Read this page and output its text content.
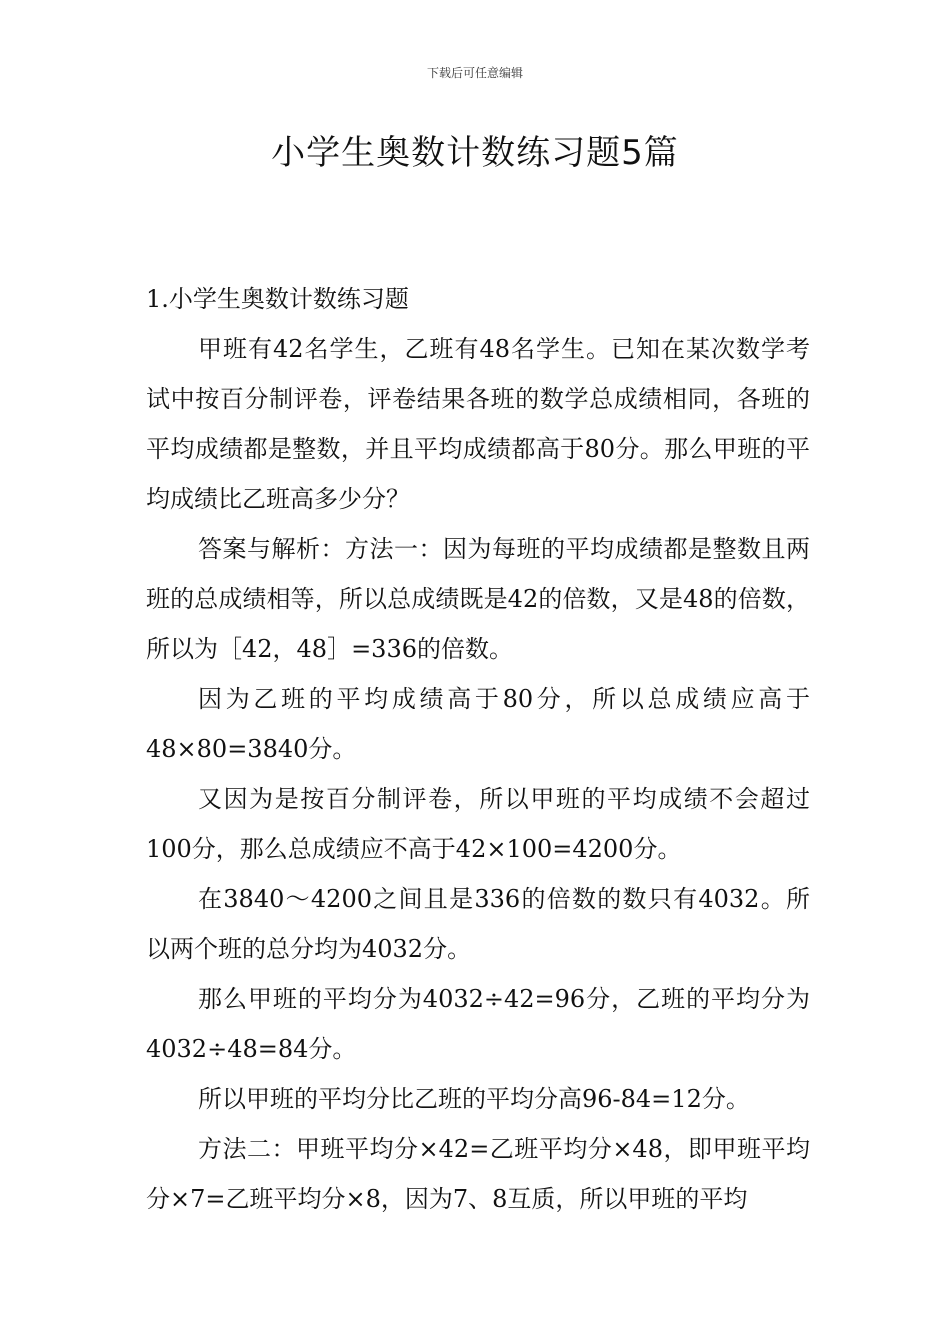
下载后可任意编辑
小学生奥数计数练习题5篇

1.小学生奥数计数练习题

甲班有42名学生，乙班有48名学生。已知在某次数学考试中按百分制评卷，评卷结果各班的数学总成绩相同，各班的平均成绩都是整数，并且平均成绩都高于80分。那么甲班的平均成绩比乙班高多少分？

答案与解析：方法一：因为每班的平均成绩都是整数且两班的总成绩相等，所以总成绩既是42的倍数，又是48的倍数，所以为［42，48］=336的倍数。

因为乙班的平均成绩高于80分，所以总成绩应高于48×80=3840分。

又因为是按百分制评卷，所以甲班的平均成绩不会超过100分，那么总成绩应不高于42×100=4200分。

在3840～4200之间且是336的倍数的数只有4032。所以两个班的总分均为4032分。

那么甲班的平均分为4032÷42=96分，乙班的平均分为4032÷48=84分。

所以甲班的平均分比乙班的平均分高96-84=12分。

方法二：甲班平均分×42=乙班平均分×48，即甲班平均分×7=乙班平均分×8，因为7、8互质，所以甲班的平均
